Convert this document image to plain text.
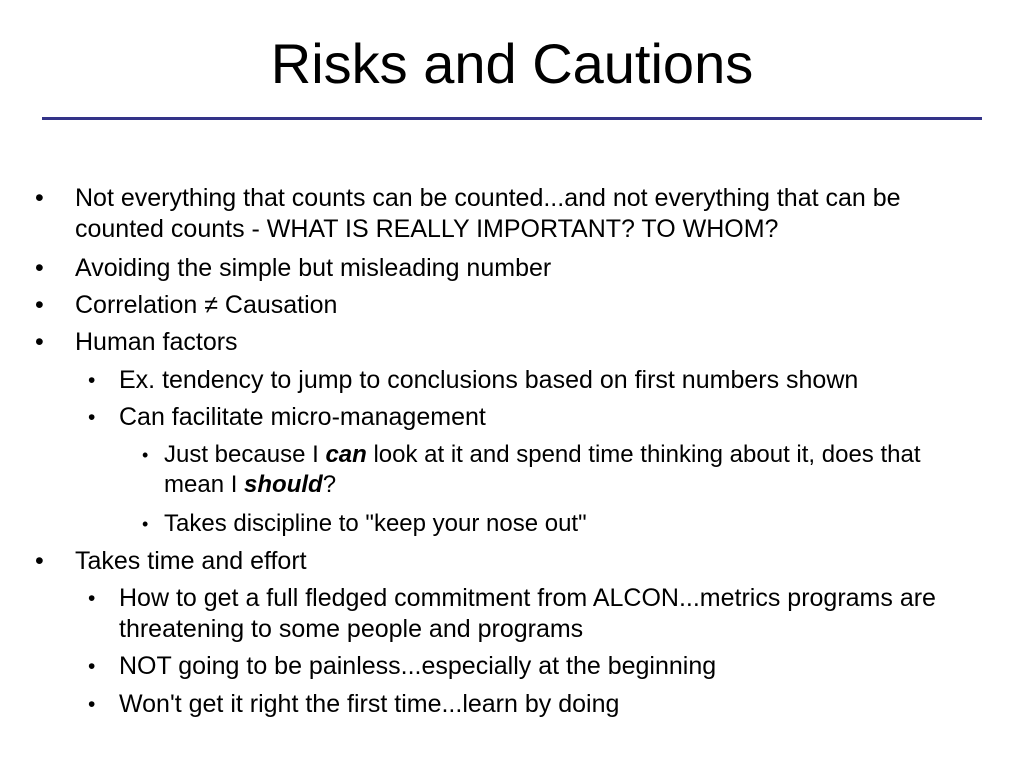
Risks and Cautions
• Not everything that counts can be counted...and not everything that can be counted counts - WHAT IS REALLY IMPORTANT? TO WHOM?
• Avoiding the simple but misleading number
• Correlation ≠ Causation
• Human factors
• Ex. tendency to jump to conclusions based on first numbers shown
• Can facilitate micro-management
• Just because I can look at it and spend time thinking about it, does that mean I should?
• Takes discipline to "keep your nose out"
• Takes time and effort
• How to get a full fledged commitment from ALCON...metrics programs are threatening to some people and programs
• NOT going to be painless...especially at the beginning
• Won't get it right the first time...learn by doing
